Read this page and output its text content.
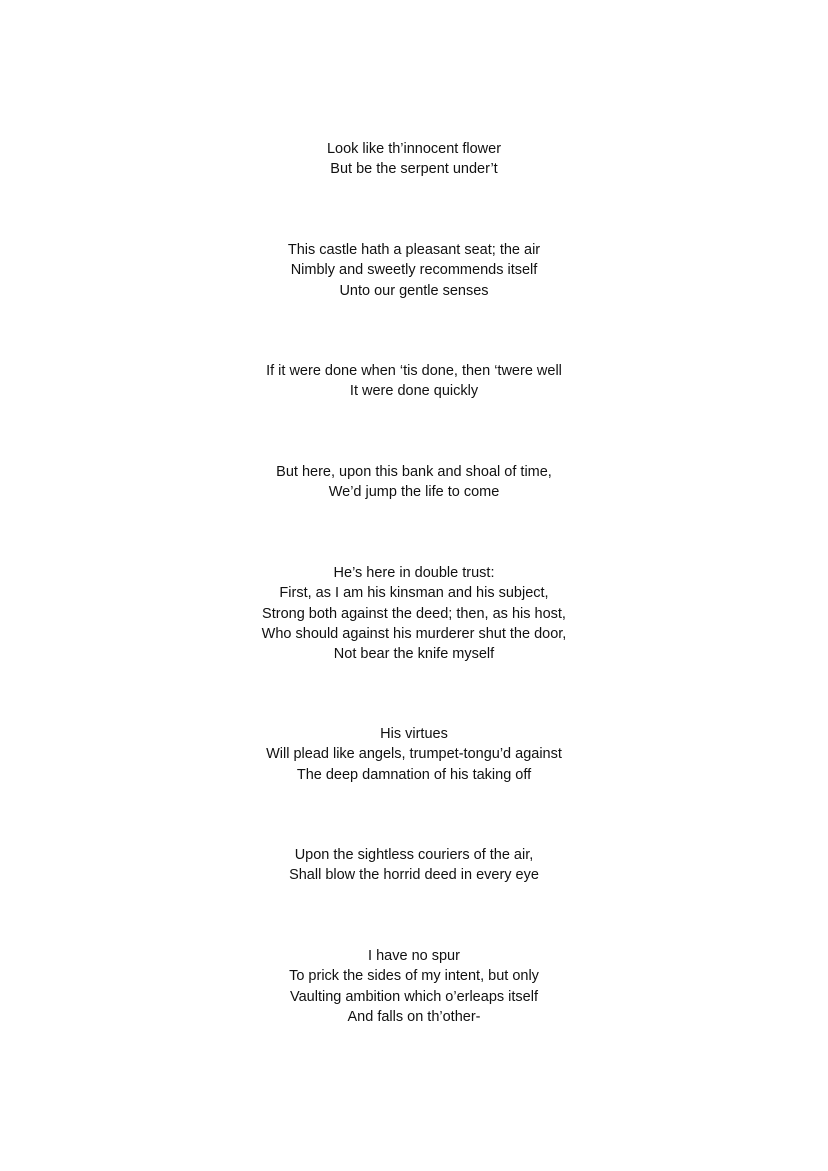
Look like th’innocent flower
But be the serpent under’t
This castle hath a pleasant seat; the air
Nimbly and sweetly recommends itself
Unto our gentle senses
If it were done when ‘tis done, then ‘twere well
It were done quickly
But here, upon this bank and shoal of time,
We’d jump the life to come
He’s here in double trust:
First, as I am his kinsman and his subject,
Strong both against the deed; then, as his host,
Who should against his murderer shut the door,
Not bear the knife myself
His virtues
Will plead like angels, trumpet-tongu’d against
The deep damnation of his taking off
Upon the sightless couriers of the air,
Shall blow the horrid deed in every eye
I have no spur
To prick the sides of my intent, but only
Vaulting ambition which o’erleaps itself
And falls on th’other-
